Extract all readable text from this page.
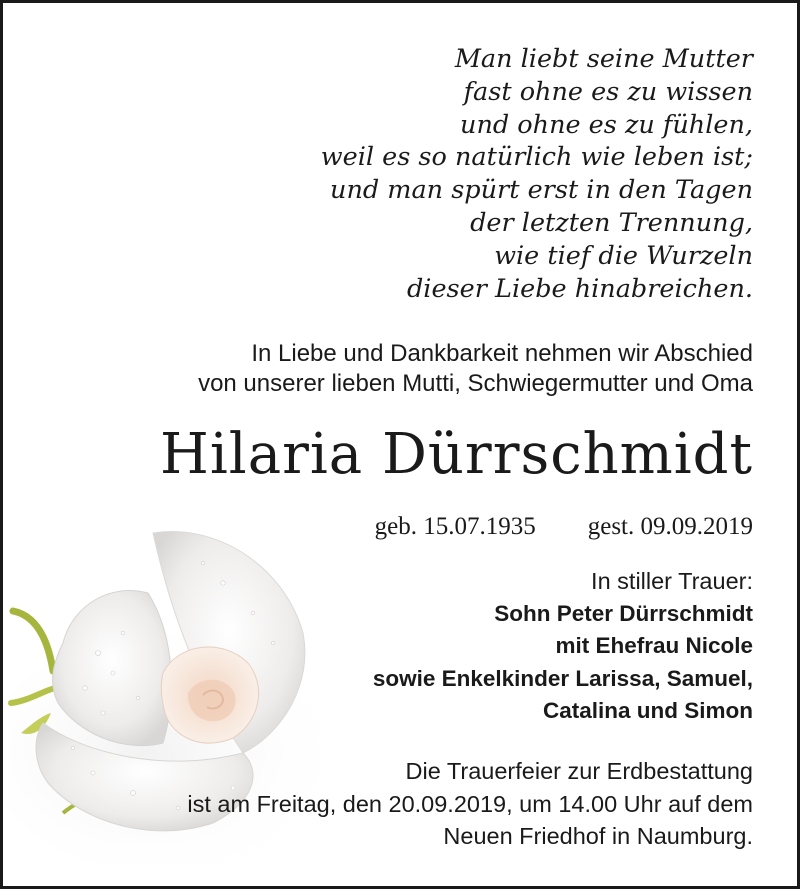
Man liebt seine Mutter
fast ohne es zu wissen
und ohne es zu fühlen,
weil es so natürlich wie leben ist;
und man spürt erst in den Tagen
der letzten Trennung,
wie tief die Wurzeln
dieser Liebe hinabreichen.
In Liebe und Dankbarkeit nehmen wir Abschied
von unserer lieben Mutti, Schwiegermutter und Oma
Hilaria Dürrschmidt
geb. 15.07.1935 gest. 09.09.2019
In stiller Trauer:
Sohn Peter Dürrschmidt
mit Ehefrau Nicole
sowie Enkelkinder Larissa, Samuel,
Catalina und Simon
Die Trauerfeier zur Erdbestattung
ist am Freitag, den 20.09.2019, um 14.00 Uhr auf dem
Neuen Friedhof in Naumburg.
